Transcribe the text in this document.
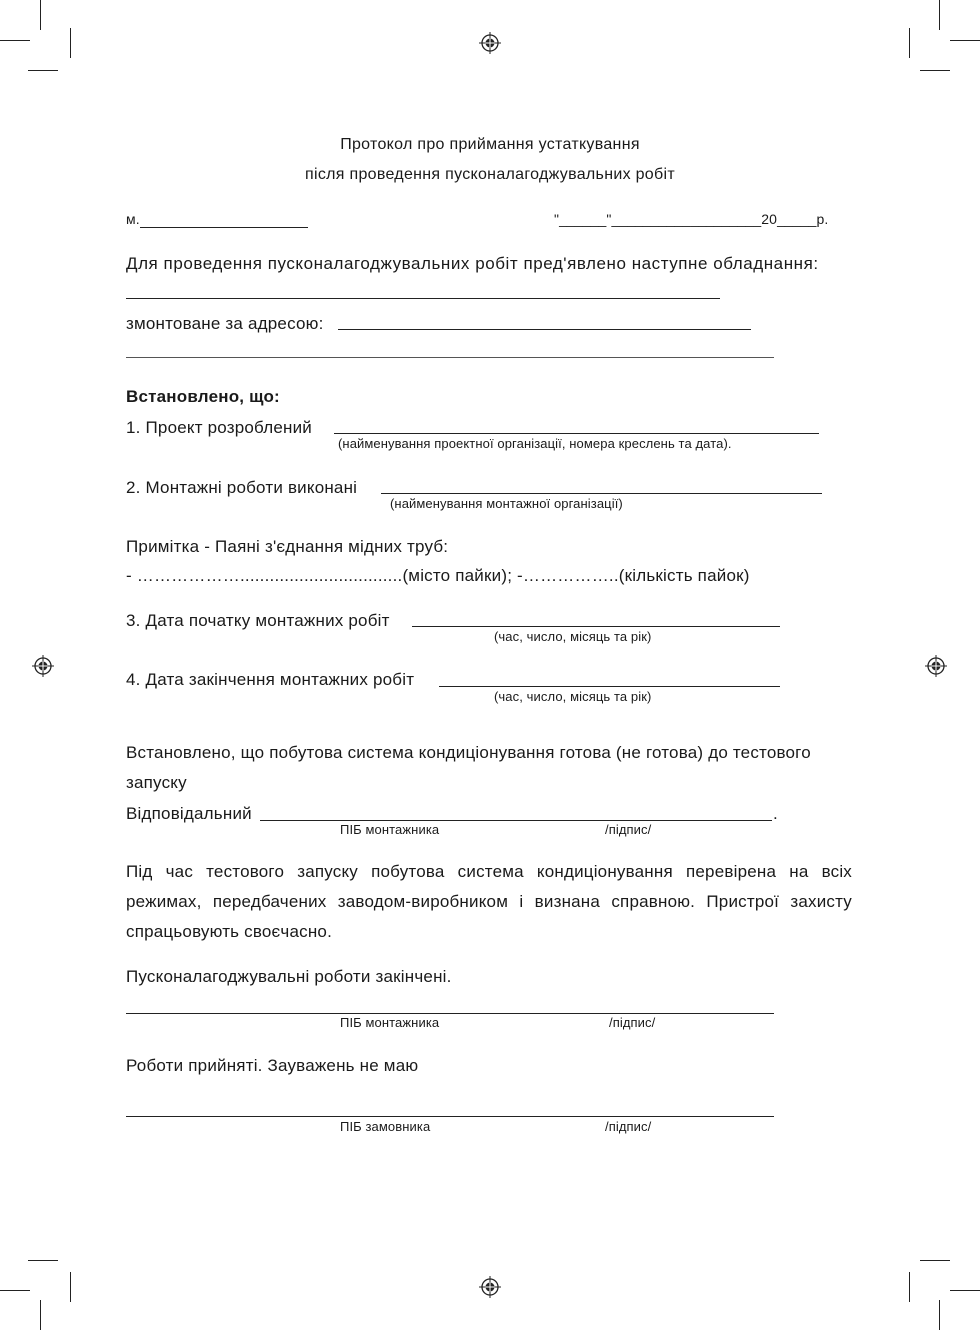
Протокол про приймання устаткування
після проведення пусконалагоджувальних робіт
м.	"______"___________________20_____р.
Для проведення пусконалагоджувальних робіт пред'явлено наступне обладнання:
змонтоване за адресою:
Встановлено, що:
1. Проект розроблений
(найменування проектної організації, номера креслень та дата).
2. Монтажні роботи виконані
(найменування монтажної організації)
Примітка - Паяні з'єднання мідних труб:
- ……………….................................(місто пайки); -……………..(кількість пайок)
3. Дата початку монтажних робіт
(час, число, місяць та рік)
4. Дата закінчення монтажних робіт
(час, число, місяць та рік)
Встановлено, що побутова система кондиціонування готова (не готова) до тестового запуску
Відповідальний	.
ПІБ монтажника	/підпис/
Під час тестового запуску побутова система кондиціонування перевірена на всіх режимах, передбачених заводом-виробником і визнана справною. Пристрої захисту спрацьовують своєчасно.
Пусконалагоджувальні роботи закінчені.
ПІБ монтажника	/підпис/
Роботи прийняті. Зауважень не маю
ПІБ замовника	/підпис/
